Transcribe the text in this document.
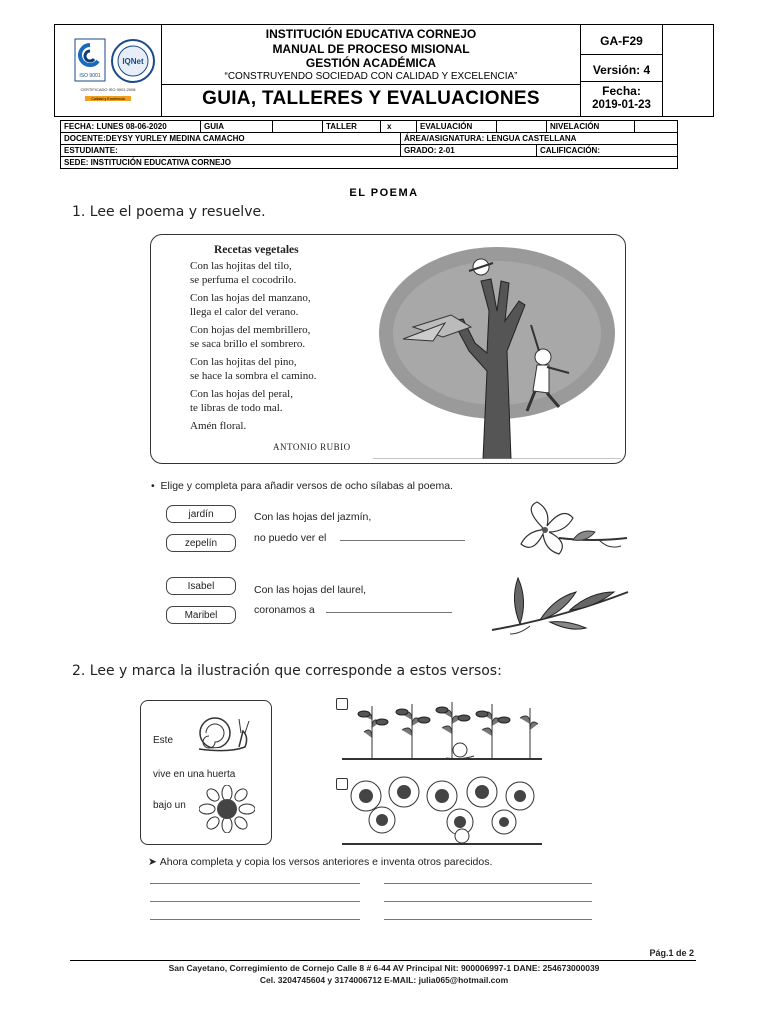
ISO 9001
IQNet
CERTIFICADO ISO 9001:2008
Calidad y Excelencia
INSTITUCIÓN EDUCATIVA CORNEJO
MANUAL DE PROCESO MISIONAL
GESTIÓN ACADÉMICA
“CONSTRUYENDO SOCIEDAD CON CALIDAD Y EXCELENCIA”
GUIA, TALLERES Y EVALUACIONES
GA-F29
Versión: 4
Fecha:
2019-01-23
FECHA: LUNES 08-06-2020	GUIA	TALLER	x	EVALUACIÓN	NIVELACIÓN
DOCENTE:DEYSY YURLEY MEDINA CAMACHO	ÁREA/ASIGNATURA: LENGUA CASTELLANA
ESTUDIANTE:	GRADO: 2-01	CALIFICACIÓN:
SEDE: INSTITUCIÓN EDUCATIVA CORNEJO
EL POEMA
1. Lee el poema y resuelve.
Recetas vegetales
Con las hojitas del tilo,
se perfuma el cocodrilo.
Con las hojas del manzano,
llega el calor del verano.
Con hojas del membrillero,
se saca brillo el sombrero.
Con las hojitas del pino,
se hace la sombra el camino.
Con las hojas del peral,
te libras de todo mal.
Amén floral.
ANTONIO RUBIO
• Elige y completa para añadir versos de ocho sílabas al poema.
jardín
zepelín
Con las hojas del jazmín,
no puedo ver el
Isabel
Maribel
Con las hojas del laurel,
coronamos a
2. Lee y marca la ilustración que corresponde a estos versos:
Este
vive en una huerta
bajo un
➤ Ahora completa y copia los versos anteriores e inventa otros parecidos.
Pág.1 de 2
San Cayetano, Corregimiento de Cornejo Calle 8 # 6-44 AV Principal Nit: 900006997-1 DANE: 254673000039
Cel. 3204745604 y 3174006712 E-MAIL: julia065@hotmail.com
